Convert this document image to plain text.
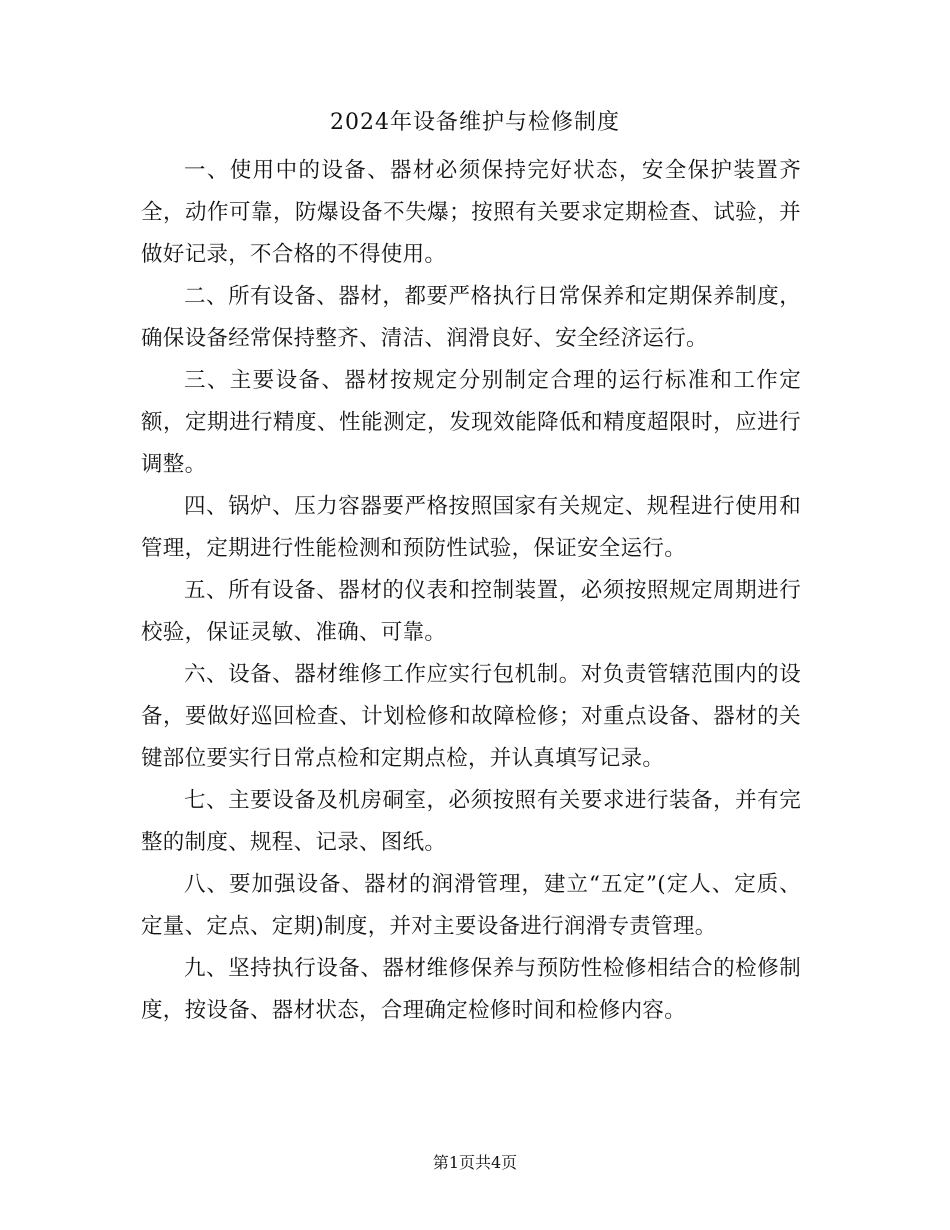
2024年设备维护与检修制度

一、使用中的设备、器材必须保持完好状态，安全保护装置齐全，动作可靠，防爆设备不失爆；按照有关要求定期检查、试验，并做好记录，不合格的不得使用。

二、所有设备、器材，都要严格执行日常保养和定期保养制度，确保设备经常保持整齐、清洁、润滑良好、安全经济运行。

三、主要设备、器材按规定分别制定合理的运行标准和工作定额，定期进行精度、性能测定，发现效能降低和精度超限时，应进行调整。

四、锅炉、压力容器要严格按照国家有关规定、规程进行使用和管理，定期进行性能检测和预防性试验，保证安全运行。

五、所有设备、器材的仪表和控制装置，必须按照规定周期进行校验，保证灵敏、准确、可靠。

六、设备、器材维修工作应实行包机制。对负责管辖范围内的设备，要做好巡回检查、计划检修和故障检修；对重点设备、器材的关键部位要实行日常点检和定期点检，并认真填写记录。

七、主要设备及机房硐室，必须按照有关要求进行装备，并有完整的制度、规程、记录、图纸。

八、要加强设备、器材的润滑管理，建立“五定”(定人、定质、定量、定点、定期)制度，并对主要设备进行润滑专责管理。

九、坚持执行设备、器材维修保养与预防性检修相结合的检修制度，按设备、器材状态，合理确定检修时间和检修内容。

第1页共4页
